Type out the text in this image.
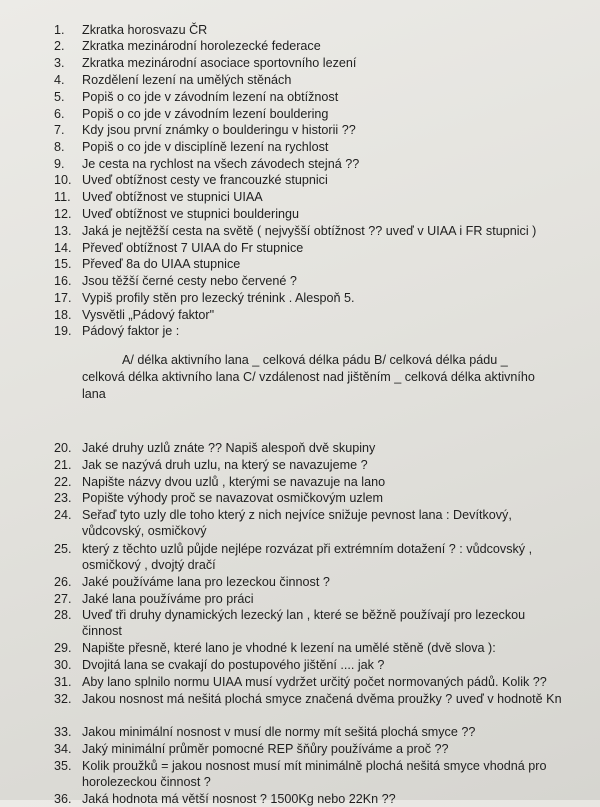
1.	Zkratka horosvazu ČR
2.	Zkratka mezinárodní horolezecké federace
3.	Zkratka mezinárodní asociace sportovního lezení
4.	Rozdělení lezení na umělých stěnách
5.	Popiš o co jde v závodním lezení na obtížnost
6.	Popiš o co jde v závodním lezení bouldering
7.	Kdy jsou první známky o boulderingu v historii ??
8.	Popiš o co jde v disciplíně lezení na rychlost
9.	Je cesta na rychlost na všech závodech stejná ??
10. Uveď obtížnost cesty ve francouzké stupnici
11. Uveď obtížnost ve stupnici UIAA
12. Uveď obtížnost ve stupnici boulderingu
13. Jaká je nejtěžší cesta na světě ( nejvyšší obtížnost ?? uveď v UIAA i FR stupnici )
14. Převeď obtížnost 7 UIAA do Fr stupnice
15. Převeď 8a do UIAA stupnice
16. Jsou těžší černé cesty nebo červené ?
17. Vypiš profily stěn pro lezecký trénink . Alespoň 5.
18. Vysvětli „Pádový faktor"
19. Pádový faktor je :
20. Jaké druhy uzlů znáte ?? Napiš alespoň dvě skupiny
21. Jak se nazývá druh uzlu, na který se navazujeme ?
22. Napište názvy dvou uzlů , kterými se navazuje na lano
23. Popište výhody proč se navazovat osmičkovým uzlem
24. Seřaď tyto uzly dle toho který z nich nejvíce snižuje pevnost lana : Devítkový, vůdcovský, osmičkový
25. který z těchto uzlů půjde nejlépe rozvázat při extrémním dotažení ? : vůdcovský , osmičkový , dvojtý dračí
26. Jaké používáme lana pro lezeckou činnost ?
27. Jaké lana používáme pro práci
28. Uveď tři druhy dynamických lezecký lan , které se běžně používají pro lezeckou činnost
29. Napište přesně, které lano je vhodné k lezení na umělé stěně (dvě slova ):
30. Dvojitá lana se cvakají do postupového jištění .... jak ?
31. Aby lano splnilo normu UIAA musí vydržet určitý počet normovaných pádů. Kolik ??
32. Jakou nosnost má nešitá plochá smyce značená dvěma proužky ? uveď v hodnotě Kn
33. Jakou minimální nosnost v musí dle normy mít sešitá plochá smyce ??
34. Jaký minimální průměr pomocné REP šňůry používáme a proč ??
35. Kolik proužků = jakou nosnost musí mít minimálně plochá nešitá smyce vhodná pro horolezeckou činnost ?
36. Jaká hodnota má větší nosnost ? 1500Kg nebo 22Kn ??
A/ délka aktivního lana _ celková délka pádu B/ celková délka pádu _
celková délka aktivního lana C/ vzdálenost nad jištěním _ celková délka aktivního
lana
